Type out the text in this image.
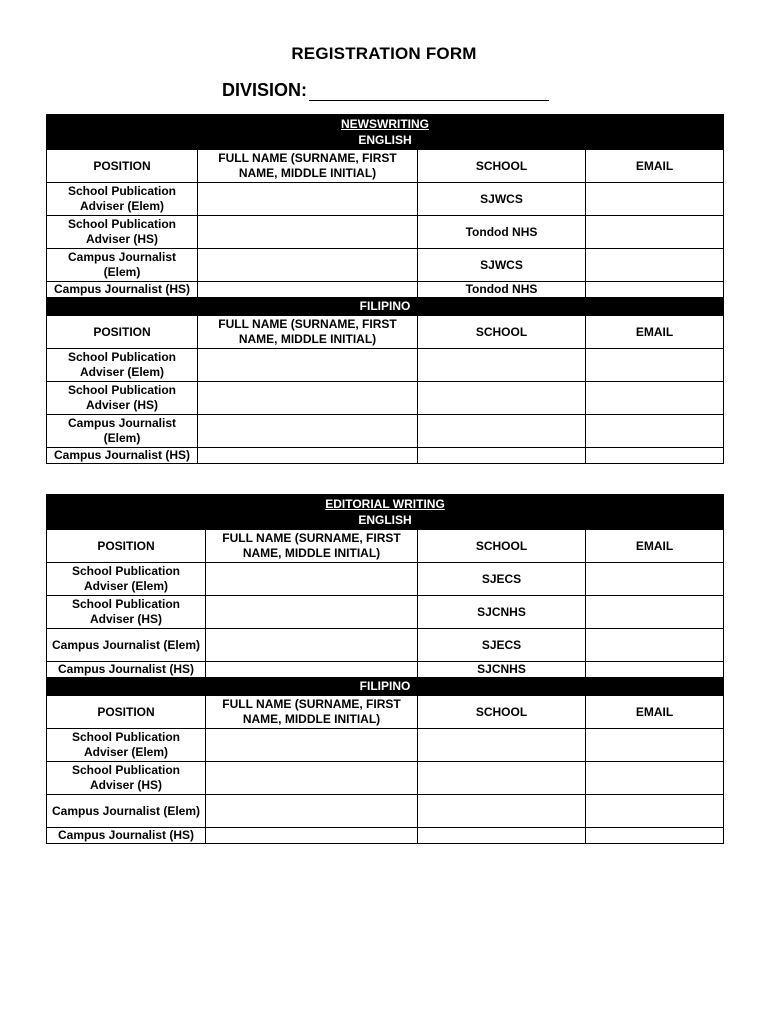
REGISTRATION FORM
DIVISION:
NEWSWRITING
ENGLISH			

POSITION	FULL NAME (SURNAME, FIRST NAME, MIDDLE INITIAL)	SCHOOL	EMAIL
School Publication Adviser (Elem)		SJWCS	
School Publication Adviser (HS)		Tondod NHS	
Campus Journalist (Elem)		SJWCS	
Campus Journalist (HS)		Tondod NHS	
FILIPINO			
POSITION	FULL NAME (SURNAME, FIRST NAME, MIDDLE INITIAL)	SCHOOL	EMAIL
School Publication Adviser (Elem)			
School Publication Adviser (HS)			
Campus Journalist (Elem)			
Campus Journalist (HS)			
EDITORIAL WRITING
ENGLISH			

POSITION	FULL NAME (SURNAME, FIRST NAME, MIDDLE INITIAL)	SCHOOL	EMAIL
School Publication Adviser (Elem)		SJECS	
School Publication Adviser (HS)		SJCNHS	
Campus Journalist (Elem)		SJECS	
Campus Journalist (HS)		SJCNHS	
FILIPINO			
POSITION	FULL NAME (SURNAME, FIRST NAME, MIDDLE INITIAL)	SCHOOL	EMAIL
School Publication Adviser (Elem)			
School Publication Adviser (HS)			
Campus Journalist (Elem)			
Campus Journalist (HS)			
